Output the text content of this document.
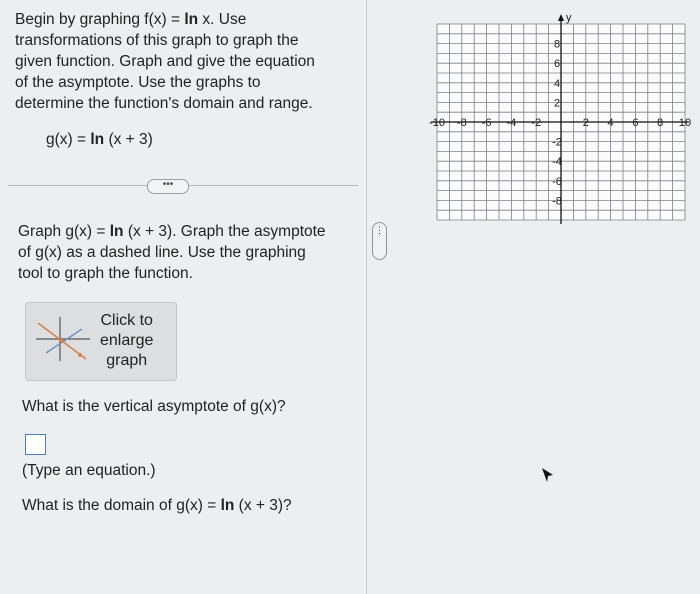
Begin by graphing f(x) = ln x. Use
transformations of this graph to graph the
given function. Graph and give the equation
of the asymptote. Use the graphs to
determine the function's domain and range.
g(x) = ln (x + 3)
•••
Graph g(x) = ln (x + 3). Graph the asymptote
of g(x) as a dashed line. Use the graphing
tool to graph the function.
Click to
enlarge
graph
What is the vertical asymptote of g(x)?
(Type an equation.)
What is the domain of g(x) = ln (x + 3)?
⋮
y
-10 -8 -6 -4 -2	2 4 6 8 10
8
6
4
2
-2
-4
-6
-8
